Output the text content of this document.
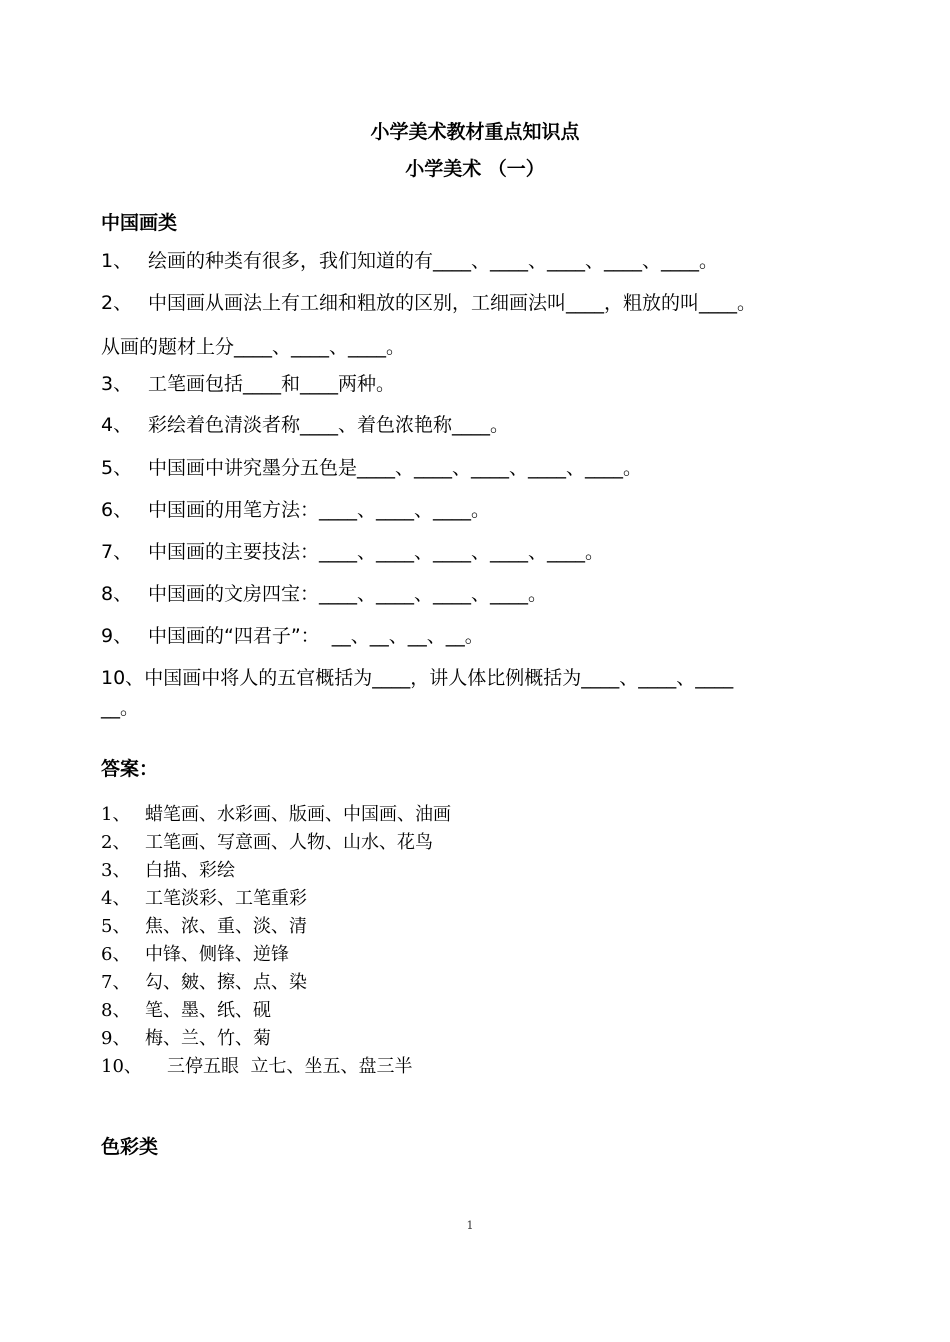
小学美术教材重点知识点
小学美术 （一）
中国画类

1、 绘画的种类有很多，我们知道的有____、____、____、____、____。

2、 中国画从画法上有工细和粗放的区别，工细画法叫____，粗放的叫____。

从画的题材上分____、____、____。

3、 工笔画包括____和____两种。

4、 彩绘着色清淡者称____、着色浓艳称____。

5、 中国画中讲究墨分五色是____、____、____、____、____。

6、 中国画的用笔方法：____、____、____。

7、 中国画的主要技法：____、____、____、____、____。

8、 中国画的文房四宝：____、____、____、____。

9、 中国画的“四君子”：  __、__、__、__。

10、中国画中将人的五官概括为____，讲人体比例概括为____、____、____

__。

答案：

1、 蜡笔画、水彩画、版画、中国画、油画

2、 工笔画、写意画、人物、山水、花鸟

3、 白描、彩绘

4、 工笔淡彩、工笔重彩

5、 焦、浓、重、淡、清

6、 中锋、侧锋、逆锋

7、 勾、皴、擦、点、染

8、 笔、墨、纸、砚

9、 梅、兰、竹、菊

10、 三停五眼  立七、坐五、盘三半

色彩类
1
